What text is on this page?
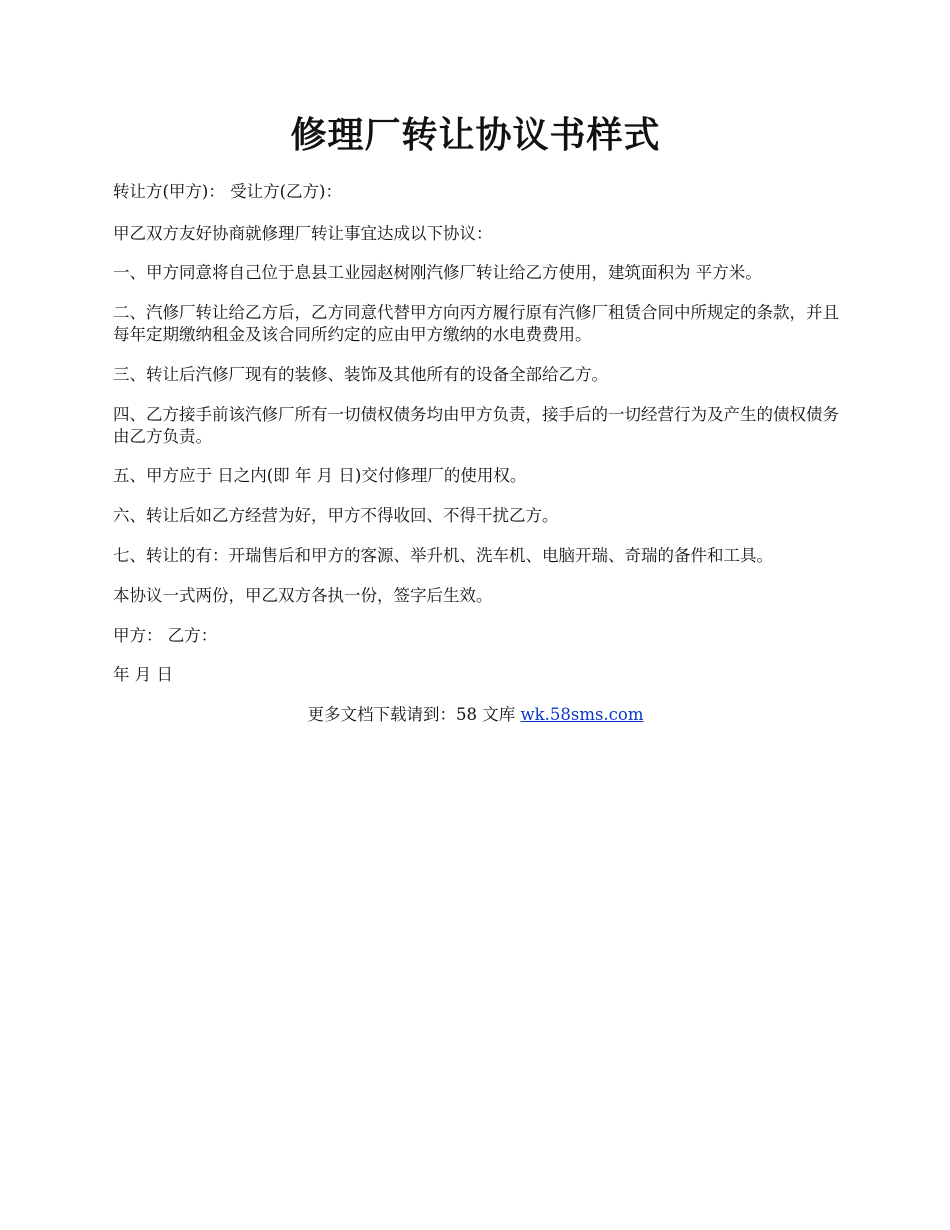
修理厂转让协议书样式

转让方(甲方)： 受让方(乙方)：

甲乙双方友好协商就修理厂转让事宜达成以下协议：

一、甲方同意将自己位于息县工业园赵树刚汽修厂转让给乙方使用，建筑面积为 平方米。

二、汽修厂转让给乙方后，乙方同意代替甲方向丙方履行原有汽修厂租赁合同中所规定的条款，并且每年定期缴纳租金及该合同所约定的应由甲方缴纳的水电费费用。

三、转让后汽修厂现有的装修、装饰及其他所有的设备全部给乙方。

四、乙方接手前该汽修厂所有一切债权债务均由甲方负责，接手后的一切经营行为及产生的债权债务由乙方负责。

五、甲方应于 日之内(即 年 月 日)交付修理厂的使用权。

六、转让后如乙方经营为好，甲方不得收回、不得干扰乙方。

七、转让的有：开瑞售后和甲方的客源、举升机、洗车机、电脑开瑞、奇瑞的备件和工具。

本协议一式两份，甲乙双方各执一份，签字后生效。

甲方： 乙方：

年 月 日

更多文档下载请到：58 文库 wk.58sms.com
